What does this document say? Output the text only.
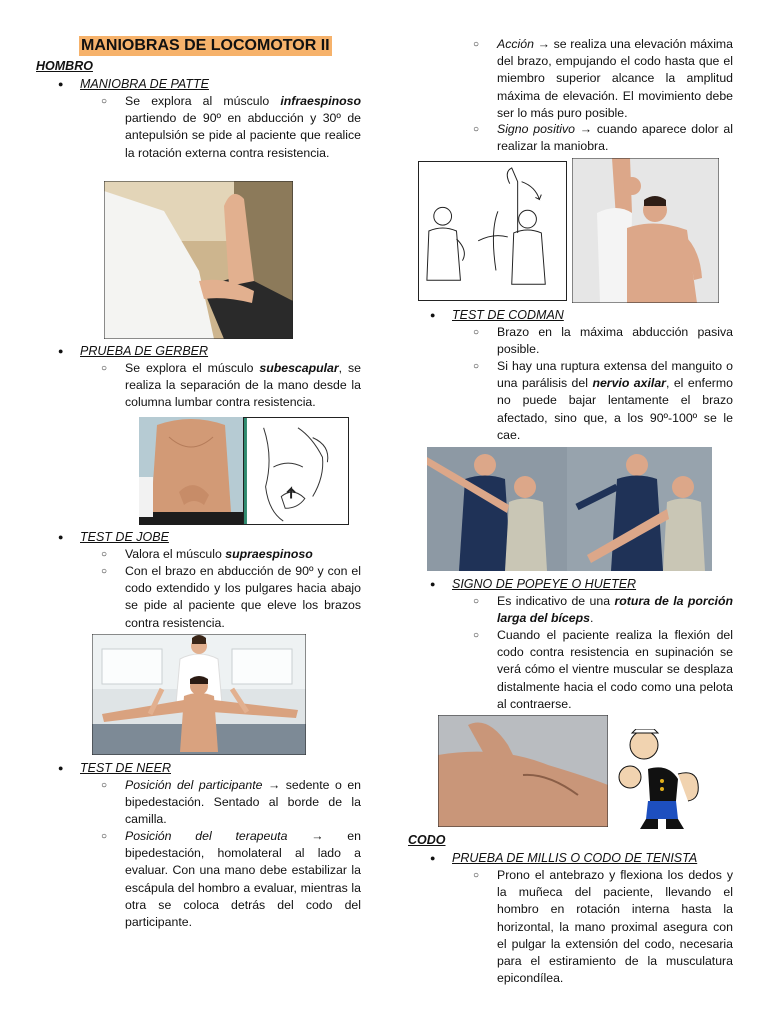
MANIOBRAS DE LOCOMOTOR II
HOMBRO
● MANIOBRA DE PATTE
○ Se explora al músculo infraespinoso partiendo de 90º en abducción y 30º de antepulsión se pide al paciente que realice la rotación externa contra resistencia.
● PRUEBA DE GERBER
○ Se explora el músculo subescapular, se realiza la separación de la mano desde la columna lumbar contra resistencia.
● TEST DE JOBE
○ Valora el músculo supraespinoso
○ Con el brazo en abducción de 90º y con el codo extendido y los pulgares hacia abajo se pide al paciente que eleve los brazos contra resistencia.
● TEST DE NEER
○ Posición del participante → sedente o en bipedestación. Sentado al borde de la camilla.
○ Posición del terapeuta → en bipedestación, homolateral al lado a evaluar. Con una mano debe estabilizar la escápula del hombro a evaluar, mientras la otra se coloca detrás del codo del participante.
○ Acción → se realiza una elevación máxima del brazo, empujando el codo hasta que el miembro superior alcance la amplitud máxima de elevación. El movimiento debe ser lo más puro posible.
○ Signo positivo → cuando aparece dolor al realizar la maniobra.
● TEST DE CODMAN
○ Brazo en la máxima abducción pasiva posible.
○ Si hay una ruptura extensa del manguito o una parálisis del nervio axilar, el enfermo no puede bajar lentamente el brazo afectado, sino que, a los 90º-100º se le cae.
● SIGNO DE POPEYE O HUETER
○ Es indicativo de una rotura de la porción larga del bíceps.
○ Cuando el paciente realiza la flexión del codo contra resistencia en supinación se verá cómo el vientre muscular se desplaza distalmente hacia el codo como una pelota al contraerse.
CODO
● PRUEBA DE MILLIS O CODO DE TENISTA
○ Prono el antebrazo y flexiona los dedos y la muñeca del paciente, llevando el hombro en rotación interna hasta la horizontal, la mano proximal asegura con el pulgar la extensión del codo, necesaria para el estiramiento de la musculatura epicondílea.
